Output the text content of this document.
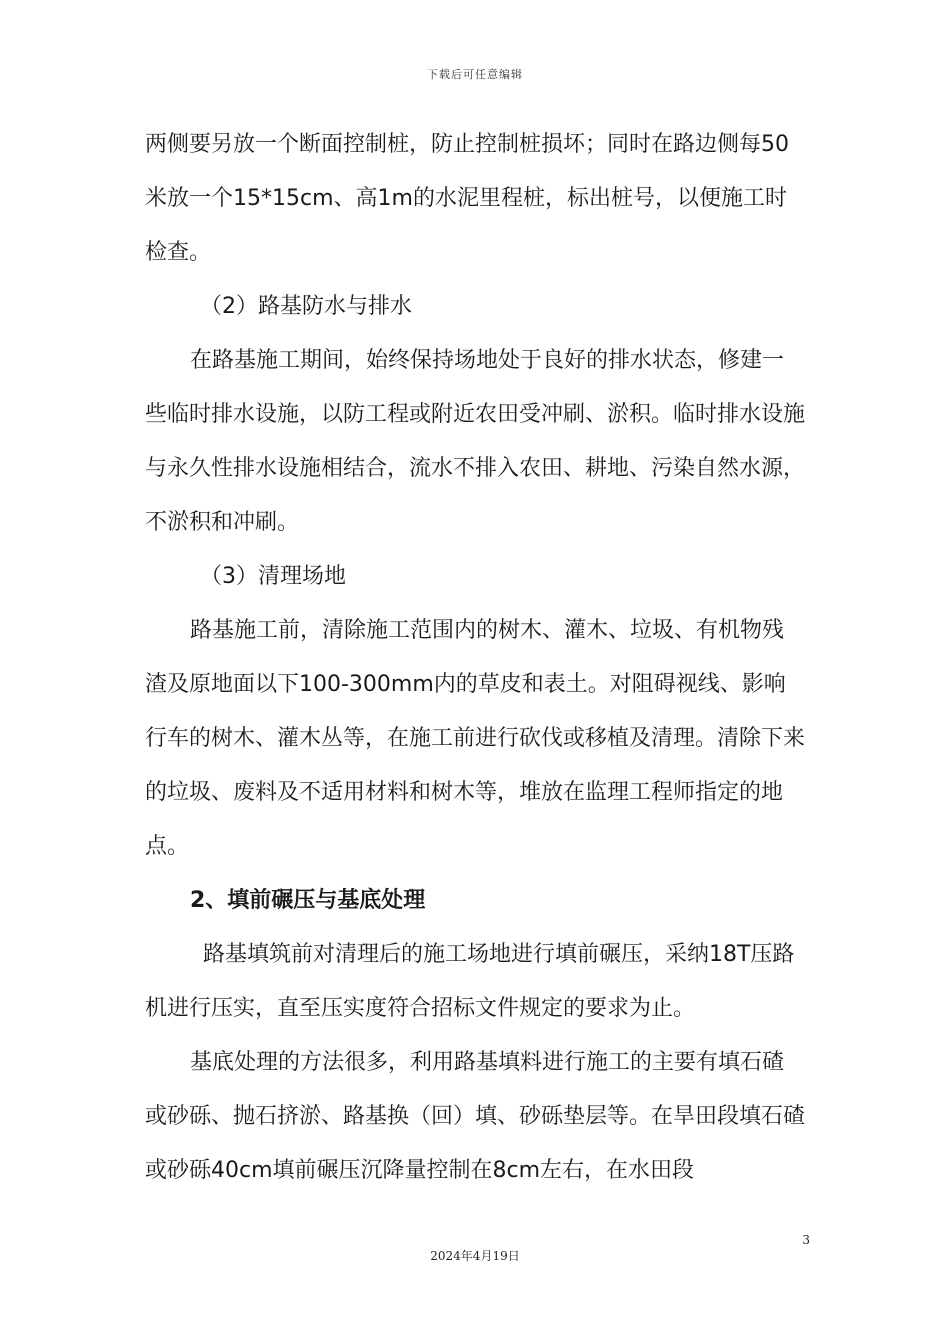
下载后可任意编辑

两侧要另放一个断面控制桩，防止控制桩损坏；同时在路边侧每50米放一个15*15cm、高1m的水泥里程桩，标出桩号，以便施工时检查。

（2）路基防水与排水

在路基施工期间，始终保持场地处于良好的排水状态，修建一些临时排水设施，以防工程或附近农田受冲刷、淤积。临时排水设施与永久性排水设施相结合，流水不排入农田、耕地、污染自然水源，不淤积和冲刷。

（3）清理场地

路基施工前，清除施工范围内的树木、灌木、垃圾、有机物残渣及原地面以下100-300mm内的草皮和表土。对阻碍视线、影响行车的树木、灌木丛等，在施工前进行砍伐或移植及清理。清除下来的垃圾、废料及不适用材料和树木等，堆放在监理工程师指定的地点。

2、填前碾压与基底处理

路基填筑前对清理后的施工场地进行填前碾压，采纳18T压路机进行压实，直至压实度符合招标文件规定的要求为止。

基底处理的方法很多，利用路基填料进行施工的主要有填石碴或砂砾、抛石挤淤、路基换（回）填、砂砾垫层等。在旱田段填石碴或砂砾40cm填前碾压沉降量控制在8cm左右，在水田段

3
2024年4月19日
